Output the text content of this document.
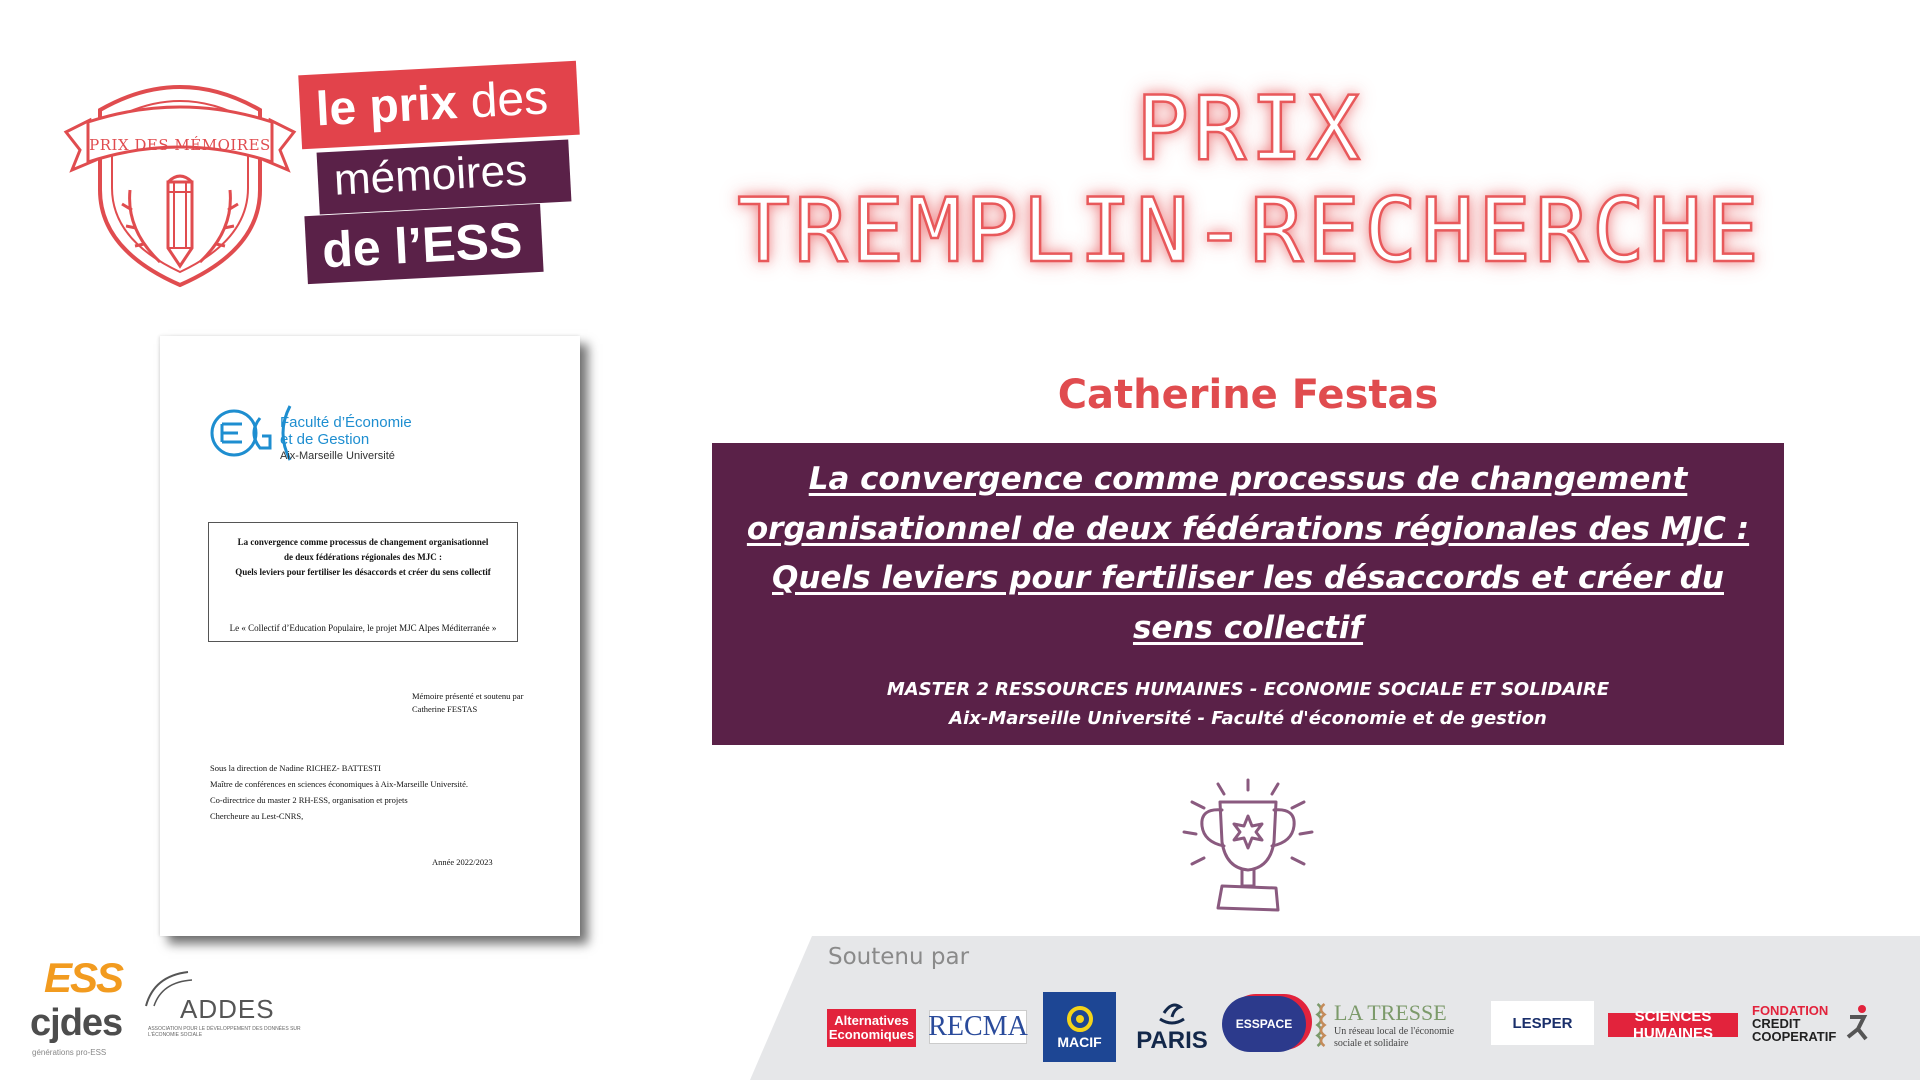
PRIX DES MÉMOIRES
le prix des
mémoires
de l’ESS
PRIX
TREMPLIN-RECHERCHE
Faculté d’Économie
et de Gestion
Aix-Marseille Université
La convergence comme processus de changement organisationnel
de deux fédérations régionales des MJC :
Quels leviers pour fertiliser les désaccords et créer du sens collectif
Le « Collectif d’Education Populaire, le projet MJC Alpes Méditerranée »
Mémoire présenté et soutenu par
Catherine FESTAS
Sous la direction de Nadine RICHEZ- BATTESTI
Maître de conférences en sciences économiques à Aix-Marseille Université.
Co-directrice du master 2 RH-ESS, organisation et projets
Chercheure au Lest-CNRS,
Année 2022/2023
Catherine Festas
La convergence comme processus de changement organisationnel de deux fédérations régionales des MJC : Quels leviers pour fertiliser les désaccords et créer du sens collectif
MASTER 2 RESSOURCES HUMAINES - ECONOMIE SOCIALE ET SOLIDAIRE
Aix-Marseille Université - Faculté d'économie et de gestion
Soutenu par
Alternatives
Economiques RECMA MACIF PARIS
ESSPACE	LA TRESSE
Un réseau local de l'économie sociale et solidaire
LESPER	SCIENCES HUMAINES
FONDATION
CREDIT
COOPERATIF
ESS
cjdes
générations pro-ESS
ADDES
ASSOCIATION POUR LE DÉVELOPPEMENT DES DONNÉES SUR L'ÉCONOMIE SOCIALE
